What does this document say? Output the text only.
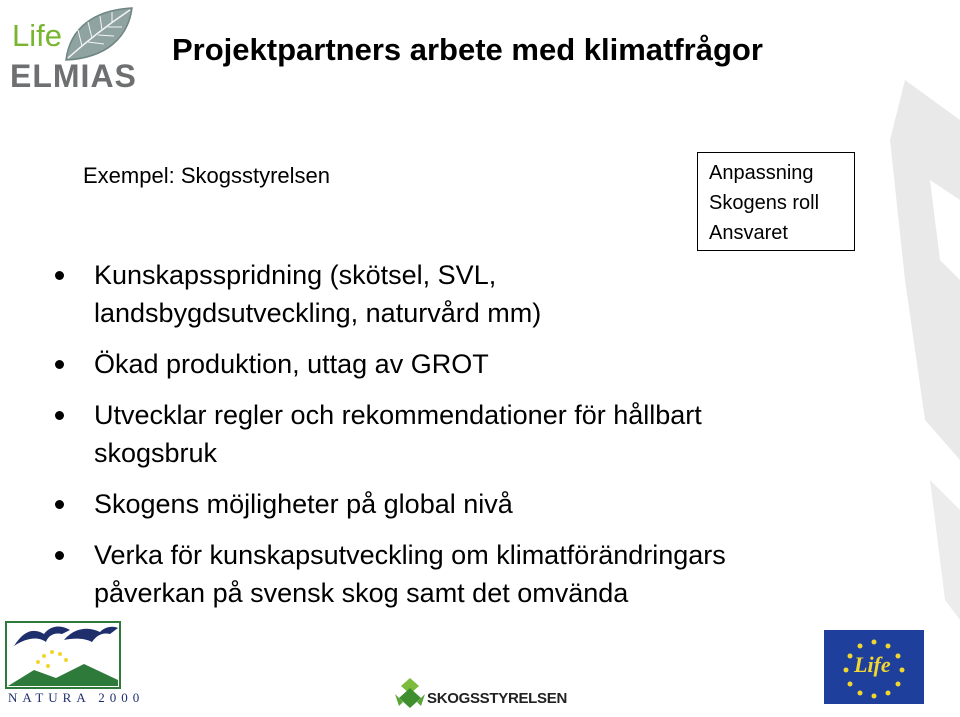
Life
ELMIAS
Projektpartners arbete med klimatfrågor
Exempel: Skogsstyrelsen	Anpassning
Skogens roll
Ansvaret
Kunskapsspridning (skötsel, SVL,
landsbygdsutveckling, naturvård mm)
Ökad produktion, uttag av GROT
Utvecklar regler och rekommendationer för hållbart
skogsbruk
Skogens möjligheter på global nivå
Verka för kunskapsutveckling om klimatförändringars
påverkan på svensk skog samt det omvända
NATURA 2000	SKOGSSTYRELSEN
Life
